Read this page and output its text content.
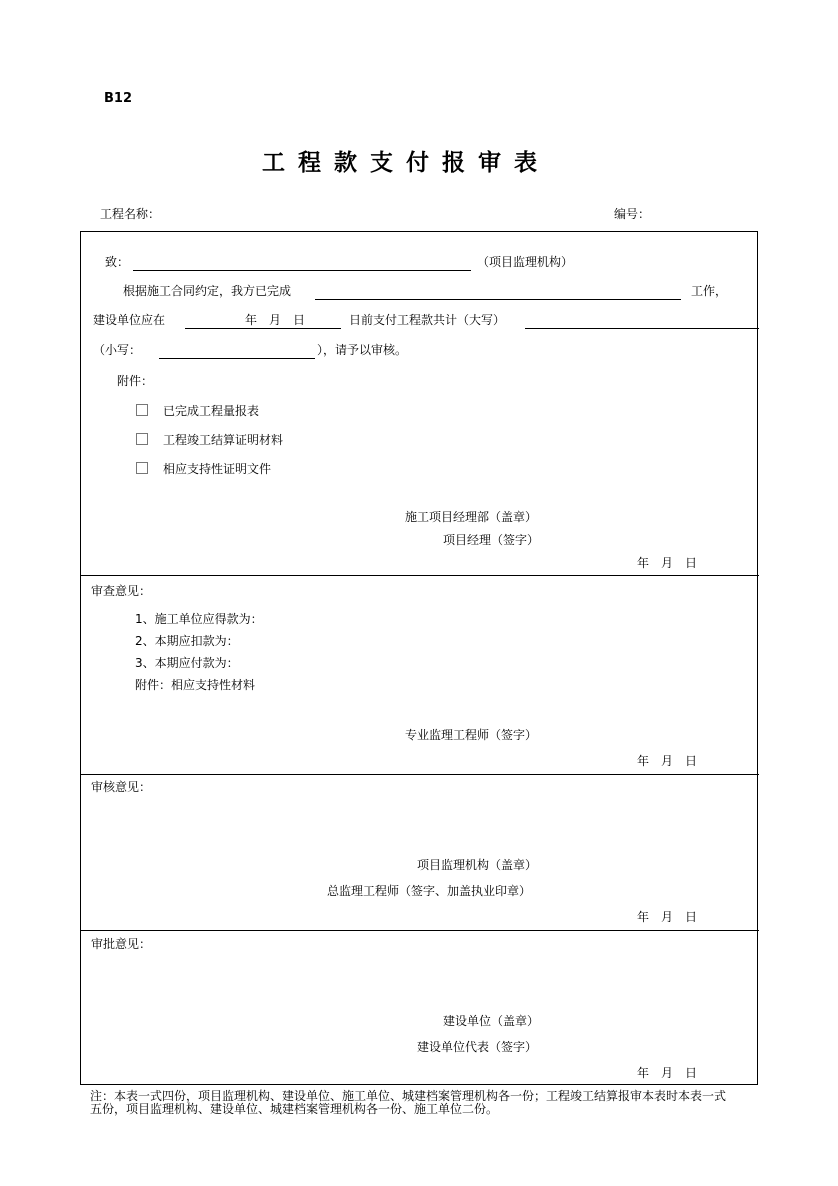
B12
工程款支付报审表
工程名称：	编号：
致：	（项目监理机构）
根据施工合同约定，我方已完成	工作，
建设单位应在	年　月　日	日前支付工程款共计（大写）
（小写：	），请予以审核。
附件：
已完成工程量报表
工程竣工结算证明材料
相应支持性证明文件
施工项目经理部（盖章）
项目经理（签字）
年　月　日
审查意见：
1、施工单位应得款为：
2、本期应扣款为：
3、本期应付款为：
附件：相应支持性材料
专业监理工程师（签字）
年　月　日
审核意见：
项目监理机构（盖章）
总监理工程师（签字、加盖执业印章）
年　月　日
审批意见：
建设单位（盖章）
建设单位代表（签字）
年　月　日
注：本表一式四份，项目监理机构、建设单位、施工单位、城建档案管理机构各一份；工程竣工结算报审本表时本表一式五份，项目监理机构、建设单位、城建档案管理机构各一份、施工单位二份。
